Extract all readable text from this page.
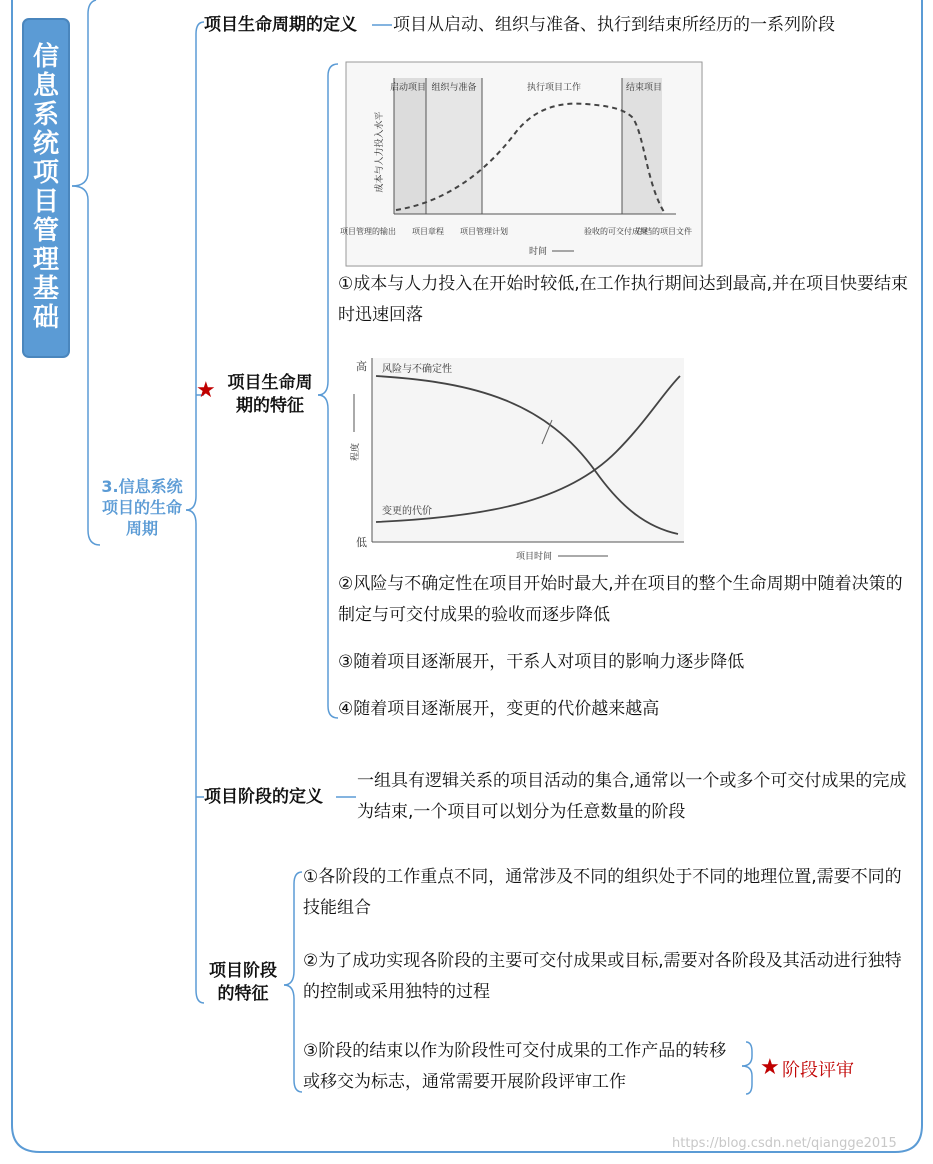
信息系统项目管理基础
3.信息系统项目的生命周期
项目生命周期的定义 项目从启动、组织与准备、执行到结束所经历的一系列阶段
★ 项目生命周期的特征
启动项目 组织与准备	执行项目工作	结束项目
成本与人力投入水平
项目管理的输出 项目章程 项目管理计划	验收的可交付成果
存档的项目文件
时间
①成本与人力投入在开始时较低,在工作执行期间达到最高,并在项目快要结束时迅速回落
高
低
程度
风险与不确定性
变更的代价
项目时间
②风险与不确定性在项目开始时最大,并在项目的整个生命周期中随着决策的制定与可交付成果的验收而逐步降低
③随着项目逐渐展开，干系人对项目的影响力逐步降低
④随着项目逐渐展开，变更的代价越来越高
项目阶段的定义
一组具有逻辑关系的项目活动的集合,通常以一个或多个可交付成果的完成为结束,一个项目可以划分为任意数量的阶段
项目阶段的特征
①各阶段的工作重点不同，通常涉及不同的组织处于不同的地理位置,需要不同的技能组合
②为了成功实现各阶段的主要可交付成果或目标,需要对各阶段及其活动进行独特的控制或采用独特的过程
③阶段的结束以作为阶段性可交付成果的工作产品的转移或移交为标志，通常需要开展阶段评审工作
★ 阶段评审
https://blog.csdn.net/qiangge2015
